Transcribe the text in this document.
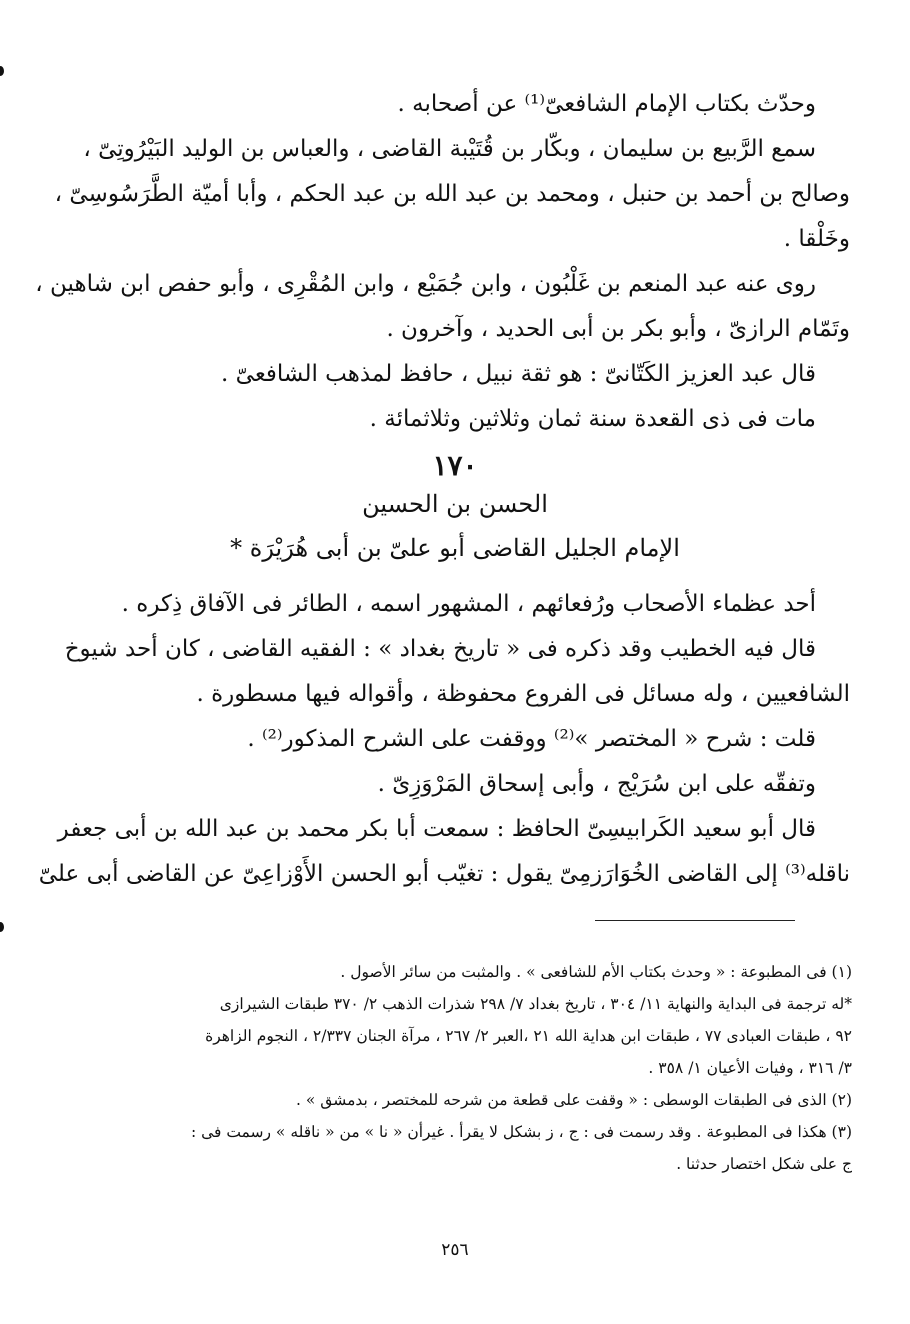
وحدّث بكتاب الإمام الشافعىّ⁽¹⁾ عن أصحابه .
سمع الرَّبيع بن سليمان ، وبكّار بن قُتَيْبة القاضى ، والعباس بن الوليد البَيْرُوتِىّ ،
وصالح بن أحمد بن حنبل ، ومحمد بن عبد الله بن عبد الحكم ، وأبا أميّة الطَّرَسُوسِىّ ،
وخَلْقا .
روى عنه عبد المنعم بن غَلْبُون ، وابن جُمَيْع ، وابن المُقْرِى ، وأبو حفص ابن شاهين ،
وتَمّام الرازىّ ، وأبو بكر بن أبى الحديد ، وآخرون .
قال عبد العزيز الكَتّانىّ : هو ثقة نبيل ، حافظ لمذهب الشافعىّ .
مات فى ذى القعدة سنة ثمان وثلاثين وثلاثمائة .
١٧٠
الحسن بن الحسين
الإمام الجليل القاضى أبو علىّ بن أبى هُرَيْرَة *
أحد عظماء الأصحاب ورُفعائهم ، المشهور اسمه ، الطائر فى الآفاق ذِكره .
قال فيه الخطيب وقد ذكره فى « تاريخ بغداد » : الفقيه القاضى ، كان أحد شيوخ
الشافعيين ، وله مسائل فى الفروع محفوظة ، وأقواله فيها مسطورة .
قلت : شرح « المختصر »⁽²⁾ ووقفت على الشرح المذكور⁽²⁾ .
وتفقّه على ابن سُرَيْج ، وأبى إسحاق المَرْوَزِىّ .
قال أبو سعيد الكَرابيسِىّ الحافظ : سمعت أبا بكر محمد بن عبد الله بن أبى جعفر
ناقله⁽³⁾ إلى القاضى الخُوَارَزمِىّ يقول : تغيّب أبو الحسن الأَوْزاعِىّ عن القاضى أبى علىّ
(١) فى المطبوعة : « وحدث بكتاب الأم للشافعى » . والمثبت من سائر الأصول .
*له ترجمة فى البداية والنهاية ١١/ ٣٠٤ ، تاريخ بغداد ٧/ ٢٩٨ شذرات الذهب ٢/ ٣٧٠ طبقات الشيرازى
٩٢ ، طبقات العبادى ٧٧ ، طبقات ابن هداية الله ٢١ ،العبر ٢/ ٢٦٧ ، مرآة الجنان ٢/٣٣٧ ، النجوم الزاهرة
٣/ ٣١٦ ، وفيات الأعيان ١/ ٣٥٨ .
(٢) الذى فى الطبقات الوسطى : « وقفت على قطعة من شرحه للمختصر ، بدمشق » .
(٣) هكذا فى المطبوعة . وقد رسمت فى : ج ، ز بشكل لا يقرأ . غيرأن « نا » من « ناقله » رسمت فى :
ج على شكل اختصار حدثنا .
٢٥٦
